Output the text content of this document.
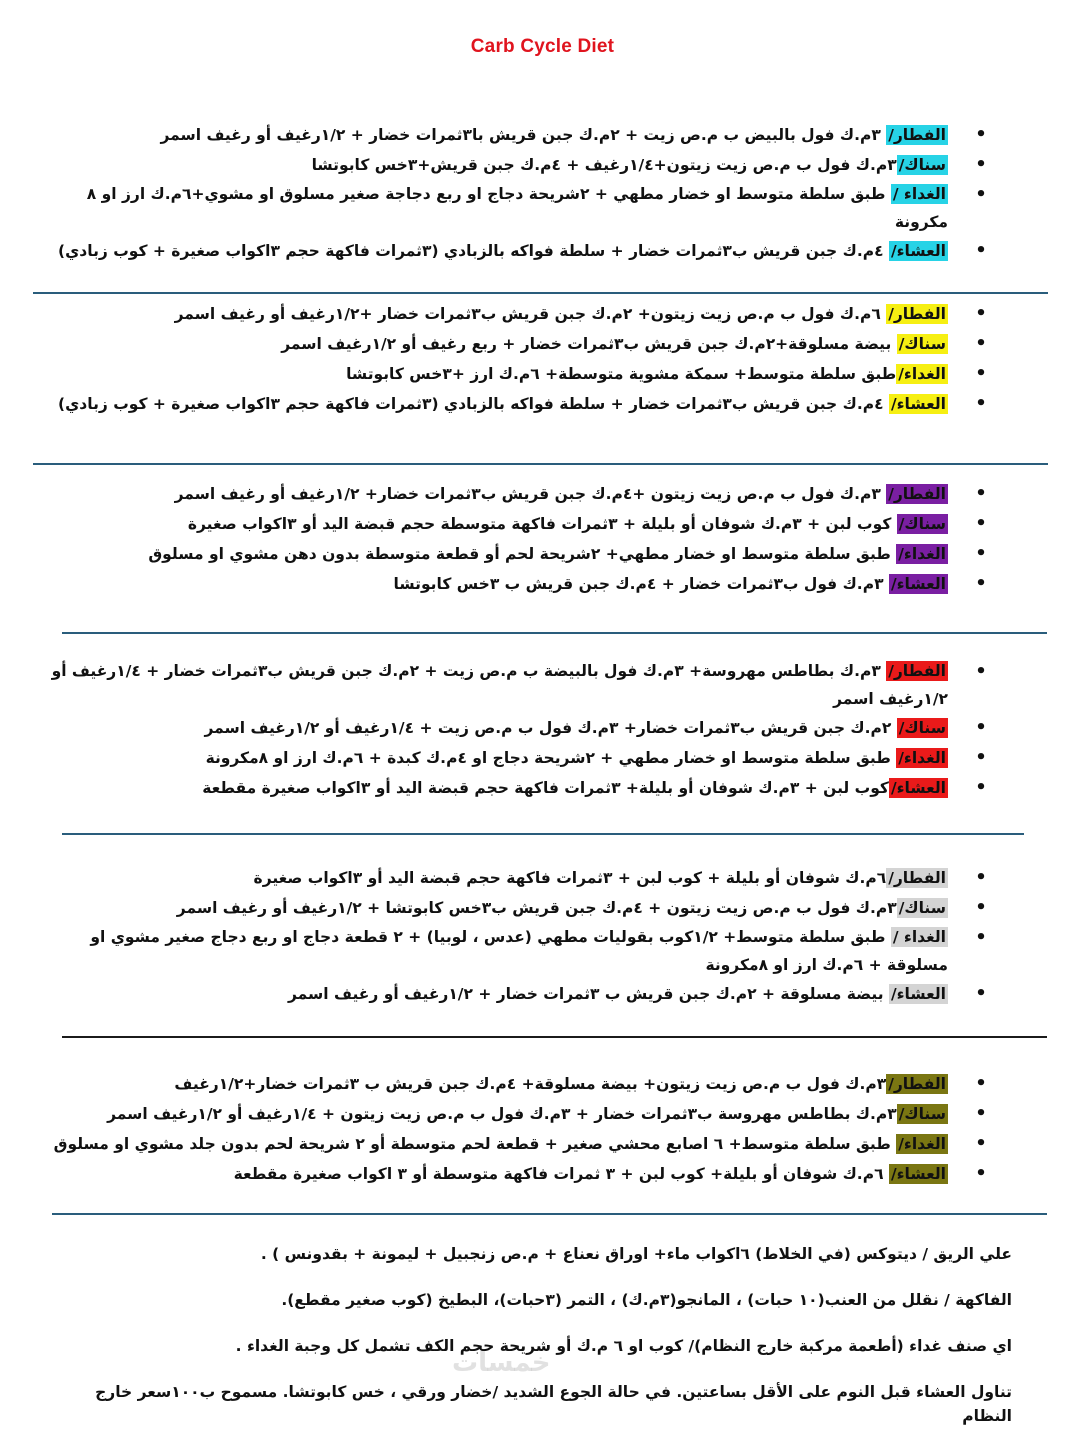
Carb Cycle Diet
•
الفطار/ ٣م.ك فول بالبيض ب م.ص زيت + ٢م.ك جبن قريش با٣ثمرات خضار + ١/٢رغيف أو رغيف اسمر
•
سناك/٣م.ك فول ب م.ص زيت زيتون+١/٤رغيف + ٤م.ك جبن قريش+٣خس كابوتشا
•
الغداء / طبق سلطة متوسط او خضار مطهي + ٢شريحة دجاج او ربع دجاجة صغير مسلوق او مشوي+٦م.ك ارز او ٨ مكرونة
•
العشاء/ ٤م.ك جبن قريش ب٣ثمرات خضار + سلطة فواكه بالزبادي (٣ثمرات فاكهة حجم ٣اكواب صغيرة + كوب زبادي)
•
الفطار/ ٦م.ك فول ب م.ص زيت زيتون+ ٢م.ك جبن قريش ب٣ثمرات خضار +١/٢رغيف أو رغيف اسمر
•
سناك/ بيضة مسلوقة+٢م.ك جبن قريش ب٣ثمرات خضار + ربع رغيف أو ١/٢رغيف اسمر
•
الغداء/طبق سلطة متوسط+ سمكة مشوية متوسطة+ ٦م.ك ارز +٣خس كابوتشا
•
العشاء/ ٤م.ك جبن قريش ب٣ثمرات خضار + سلطة فواكه بالزبادي (٣ثمرات فاكهة حجم ٣اكواب صغيرة + كوب زبادي)
•
الفطار/ ٣م.ك فول ب م.ص زيت زيتون +٤م.ك جبن قريش ب٣ثمرات خضار+ ١/٢رغيف أو رغيف اسمر
•
سناك/ كوب لبن + ٣م.ك شوفان أو بليلة + ٣ثمرات فاكهة متوسطة حجم قبضة اليد أو ٣اكواب صغيرة
•
الغداء/ طبق سلطة متوسط او خضار مطهي+ ٢شريحة لحم أو قطعة متوسطة بدون دهن مشوي او مسلوق
•
العشاء/ ٣م.ك فول ب٣ثمرات خضار + ٤م.ك جبن قريش ب ٣خس كابوتشا
•
الفطار/ ٣م.ك بطاطس مهروسة+ ٣م.ك فول بالبيضة ب م.ص زيت + ٢م.ك جبن قريش ب٣ثمرات خضار + ١/٤رغيف أو ١/٢رغيف اسمر
•
سناك/ ٢م.ك جبن قريش ب٣ثمرات خضار+ ٣م.ك فول ب م.ص زيت + ١/٤رغيف أو ١/٢رغيف اسمر
•
الغداء/ طبق سلطة متوسط او خضار مطهي + ٢شريحة دجاج او ٤م.ك كبدة + ٦م.ك ارز او ٨مكرونة
•
العشاء/كوب لبن + ٣م.ك شوفان أو بليلة+ ٣ثمرات فاكهة حجم قبضة اليد أو ٣اكواب صغيرة مقطعة
•
الفطار/٦م.ك شوفان أو بليلة + كوب لبن + ٣ثمرات فاكهة حجم قبضة اليد أو ٣اكواب صغيرة
•
سناك/٣م.ك فول ب م.ص زيت زيتون + ٤م.ك جبن قريش ب٣خس كابوتشا + ١/٢رغيف أو رغيف اسمر
•
الغداء / طبق سلطة متوسط+ ١/٢كوب بقوليات مطهي (عدس ، لوبيا) + ٢ قطعة دجاج او ربع دجاج صغير مشوي او مسلوقة + ٦م.ك ارز او ٨مكرونة
•
العشاء/ بيضة مسلوقة + ٢م.ك جبن قريش ب ٣ثمرات خضار + ١/٢رغيف أو رغيف اسمر
•
الفطار/٣م.ك فول ب م.ص زيت زيتون+ بيضة مسلوقة+ ٤م.ك جبن قريش ب ٣ثمرات خضار+١/٢رغيف
•
سناك/٣م.ك بطاطس مهروسة ب٣ثمرات خضار + ٣م.ك فول ب م.ص زيت زيتون + ١/٤رغيف أو ١/٢رغيف اسمر
•
الغداء/ طبق سلطة متوسط+ ٦ اصابع محشي صغير + قطعة لحم متوسطة أو ٢ شريحة لحم بدون جلد مشوي او مسلوق
•
العشاء/ ٦م.ك شوفان أو بليلة+ كوب لبن + ٣ ثمرات فاكهة متوسطة أو ٣ اكواب صغيرة مقطعة
علي الريق / ديتوكس (في الخلاط) ٦اكواب ماء+ اوراق نعناع + م.ص زنجبيل + ليمونة + بقدونس ) .
الفاكهة / نقلل من العنب(١٠ حبات) ، المانجو(٣م.ك) ، التمر (٣حبات)، البطيخ (كوب صغير مقطع).
اي صنف غداء (أطعمة مركبة خارج النظام)/ كوب او ٦ م.ك أو شريحة حجم الكف تشمل كل وجبة الغداء .
تناول العشاء قبل النوم على الأقل بساعتين. في حالة الجوع الشديد /خضار ورقي ، خس كابوتشا. مسموح ب١٠٠سعر خارج النظام
خمسات
